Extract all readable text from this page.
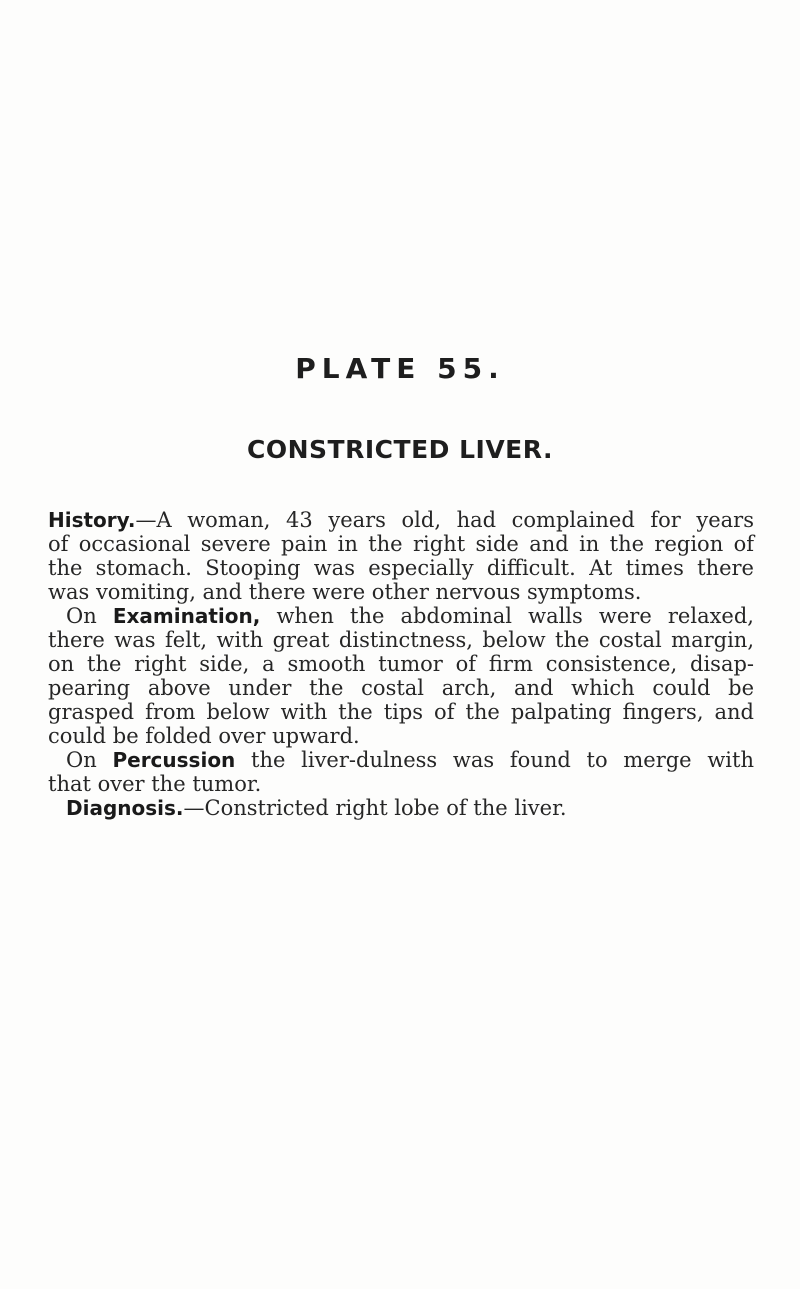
PLATE 55.
CONSTRICTED LIVER.
History.—A woman, 43 years old, had complained for years
of occasional severe pain in the right side and in the region of
the stomach. Stooping was especially difficult. At times there
was vomiting, and there were other nervous symptoms.
On Examination, when the abdominal walls were relaxed,
there was felt, with great distinctness, below the costal margin,
on the right side, a smooth tumor of firm consistence, disap-
pearing above under the costal arch, and which could be
grasped from below with the tips of the palpating fingers, and
could be folded over upward.
On Percussion the liver-dulness was found to merge with
that over the tumor.
Diagnosis.—Constricted right lobe of the liver.
